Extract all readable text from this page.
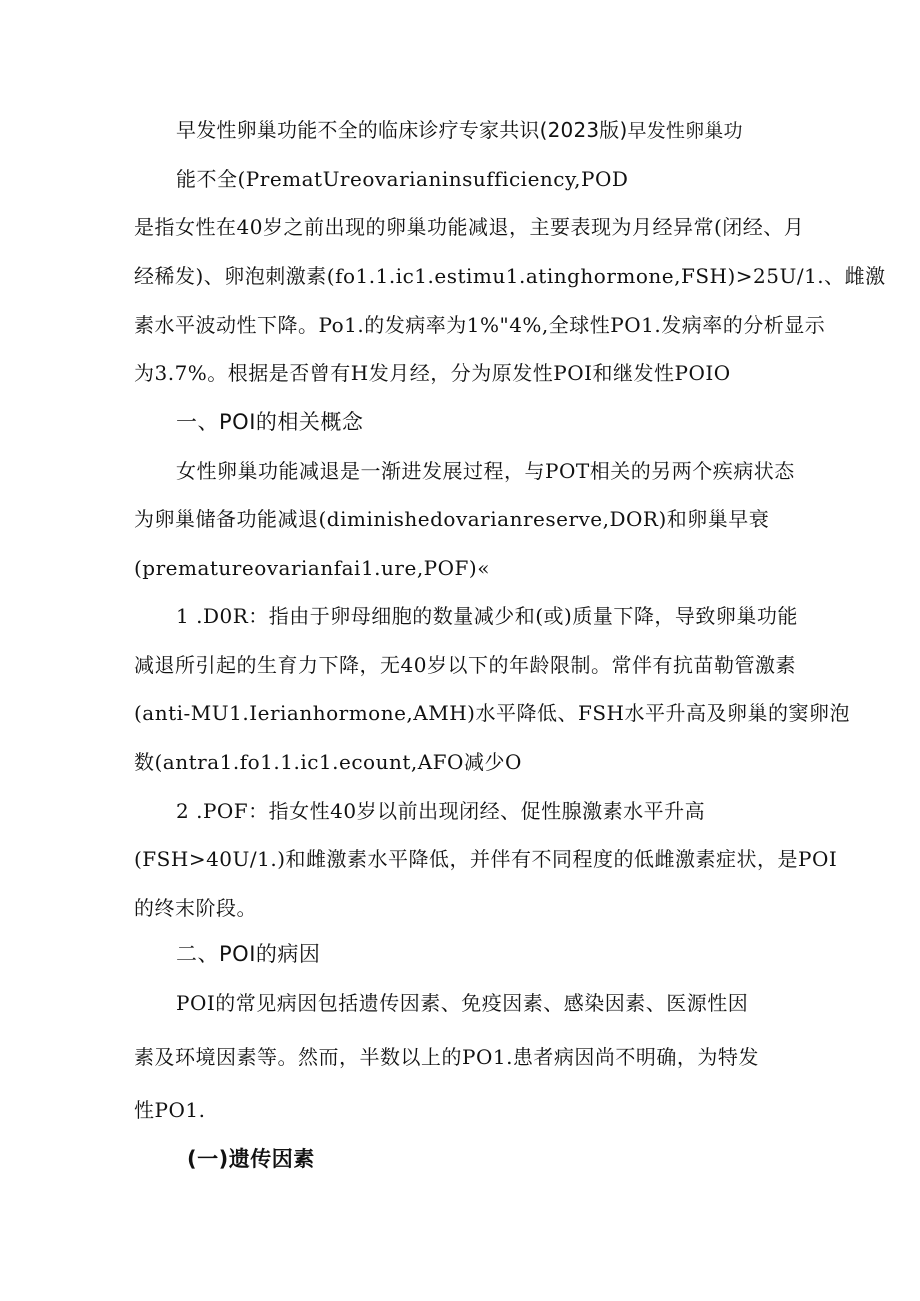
早发性卵巢功能不全的临床诊疗专家共识(2023版)早发性卵巢功
能不全(PrematUreovarianinsufficiency,POD
是指女性在40岁之前出现的卵巢功能减退，主要表现为月经异常(闭经、月
经稀发)、卵泡刺激素(fo1.1.ic1.estimu1.atinghormone,FSH)>25U/1.、雌激
素水平波动性下降。Po1.的发病率为1%"4%,全球性PO1.发病率的分析显示
为3.7%。根据是否曾有H发月经，分为原发性POI和继发性POIO
一、POI的相关概念
女性卵巢功能减退是一渐进发展过程，与POT相关的另两个疾病状态
为卵巢储备功能减退(diminishedovarianreserve,DOR)和卵巢早衰
(prematureovarianfai1.ure,POF)«
1 .D0R：指由于卵母细胞的数量减少和(或)质量下降，导致卵巢功能
减退所引起的生育力下降，无40岁以下的年龄限制。常伴有抗苗勒管激素
(anti-MU1.Ierianhormone,AMH)水平降低、FSH水平升高及卵巢的窦卵泡
数(antra1.fo1.1.ic1.ecount,AFO减少O
2 .POF：指女性40岁以前出现闭经、促性腺激素水平升高
(FSH>40U/1.)和雌激素水平降低，并伴有不同程度的低雌激素症状，是POI
的终末阶段。
二、POI的病因
POI的常见病因包括遗传因素、免疫因素、感染因素、医源性因
素及环境因素等。然而，半数以上的PO1.患者病因尚不明确，为特发
性PO1.
(一)遗传因素
